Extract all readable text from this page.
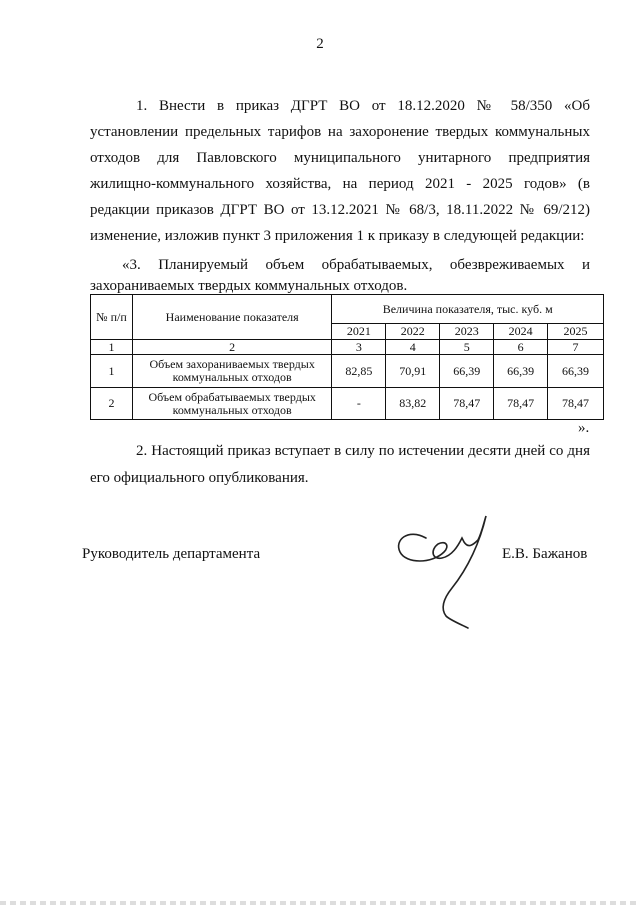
2

1. Внести в приказ ДГРТ ВО от 18.12.2020 № 58/350 «Об установлении предельных тарифов на захоронение твердых коммунальных отходов для Павловского муниципального унитарного предприятия жилищно-коммунального хозяйства, на период 2021 - 2025 годов» (в редакции приказов ДГРТ ВО от 13.12.2021 № 68/3, 18.11.2022 № 69/212) изменение, изложив пункт 3 приложения 1 к приказу в следующей редакции:

«3. Планируемый объем обрабатываемых, обезвреживаемых и захораниваемых твердых коммунальных отходов.

№ п/п	Наименование показателя	Величина показателя, тыс. куб. м				
		2021	2022	2023	2024	2025
1	2	3	4	5	6	7
1	Объем захораниваемых твердых коммунальных отходов	82,85	70,91	66,39	66,39	66,39
2	Объем обрабатываемых твердых коммунальных отходов	-	83,82	78,47	78,47	78,47
».

2. Настоящий приказ вступает в силу по истечении десяти дней со дня его официального опубликования.

Руководитель департамента	Е.В. Бажанов
